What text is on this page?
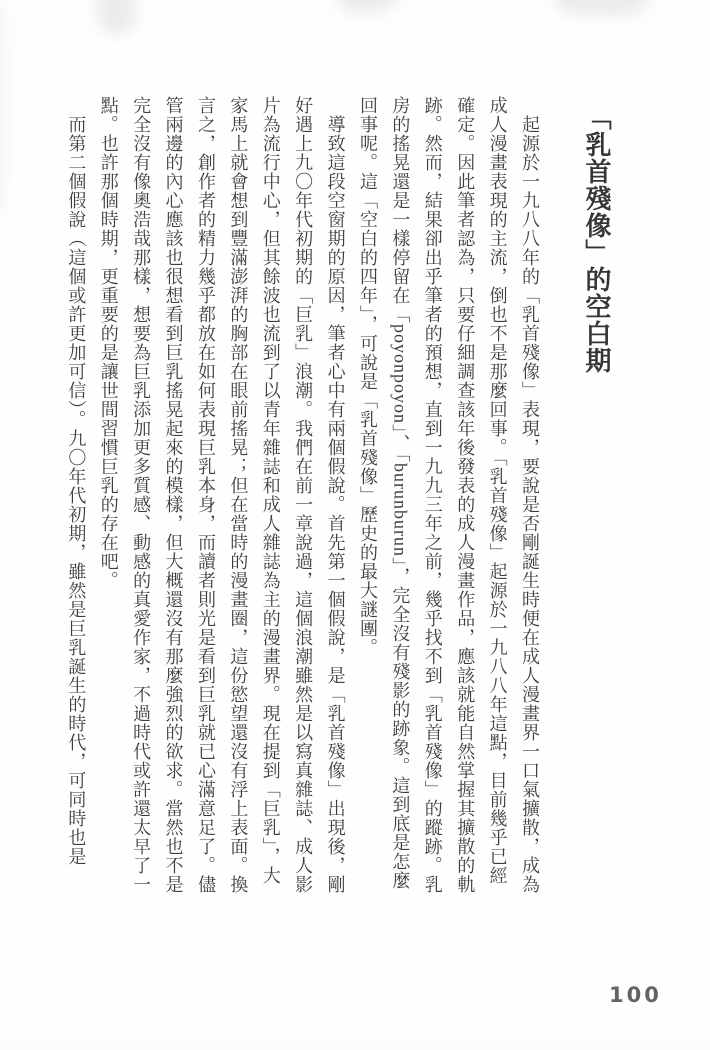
「乳首殘像」的空白期

起源於一九八八年的「乳首殘像」表現，要說是否剛誕生時便在成人漫畫界一口氣擴散，成為成人漫畫表現的主流，倒也不是那麼回事。「乳首殘像」起源於一九八八年這點，目前幾乎已經確定。因此筆者認為，只要仔細調查該年後發表的成人漫畫作品，應該就能自然掌握其擴散的軌跡。然而，結果卻出乎筆者的預想，直到一九九三年之前，幾乎找不到「乳首殘像」的蹤跡。乳房的搖晃還是一樣停留在「poyonpoyon」、「burunburun」，完全沒有殘影的跡象。這到底是怎麼回事呢。這「空白的四年」，可說是「乳首殘像」歷史的最大謎團。

導致這段空窗期的原因，筆者心中有兩個假說。首先第一個假說，是「乳首殘像」出現後，剛好遇上九〇年代初期的「巨乳」浪潮。我們在前一章說過，這個浪潮雖然是以寫真雜誌、成人影片為流行中心，但其餘波也流到了以青年雜誌和成人雜誌為主的漫畫界。現在提到「巨乳」，大家馬上就會想到豐滿澎湃的胸部在眼前搖晃；但在當時的漫畫圈，這份慾望還沒有浮上表面。換言之，創作者的精力幾乎都放在如何表現巨乳本身，而讀者則光是看到巨乳就已心滿意足了。儘管兩邊的內心應該也很想看到巨乳搖晃起來的模樣，但大概還沒有那麼強烈的欲求。當然也不是完全沒有像奧浩哉那樣，想要為巨乳添加更多質感、動感的真愛作家，不過時代或許還太早了一點。也許那個時期，更重要的是讓世間習慣巨乳的存在吧。

而第二個假說（這個或許更加可信）。九〇年代初期，雖然是巨乳誕生的時代，可同時也是

100
